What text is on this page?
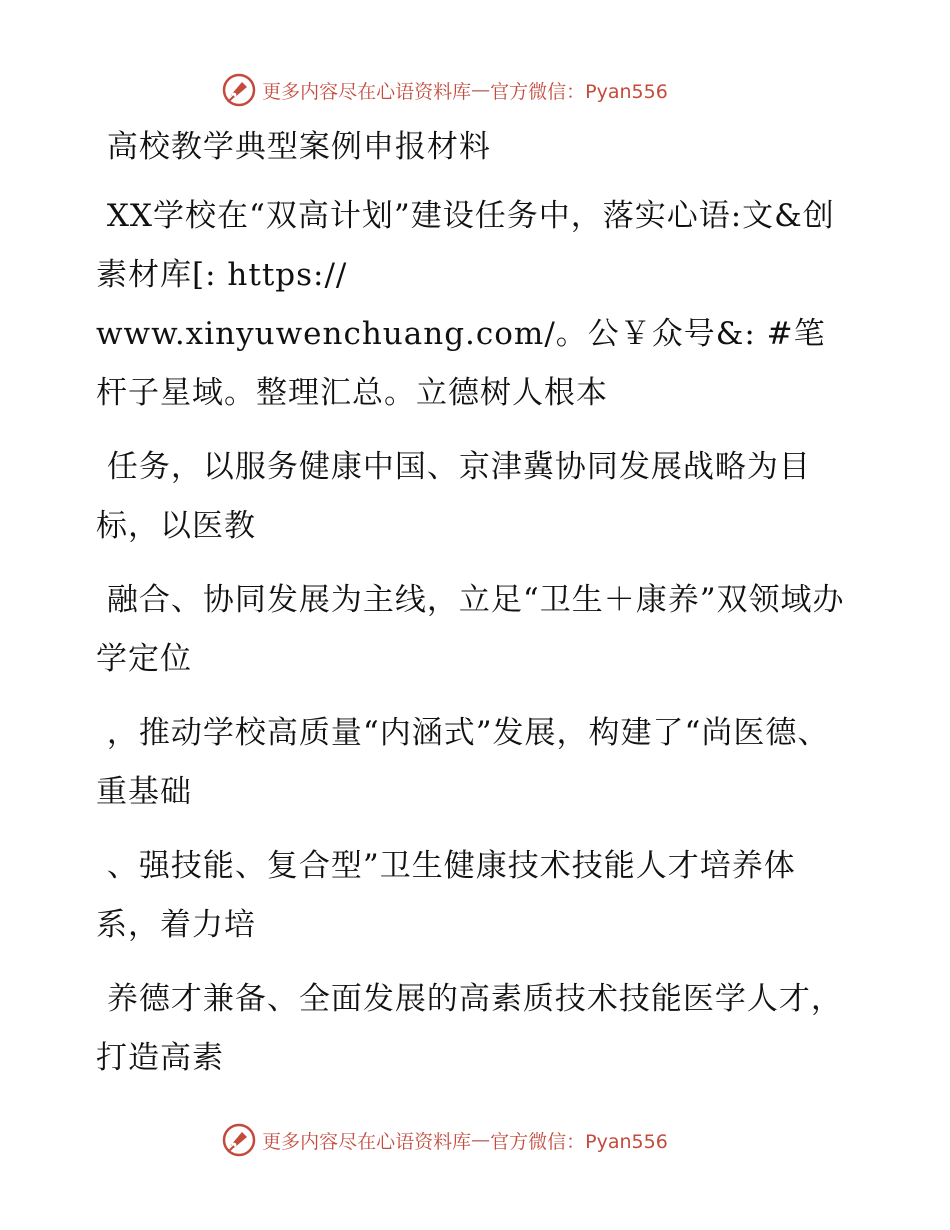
更多内容尽在心语资料库 — 官方微信：Pyan556

高校教学典型案例申报材料

XX学校在“双高计划”建设任务中，落实心语:文&创素材库[: https://
www.xinyuwenchuang.com/。公￥众号&: #笔杆子星域。整理汇总。立德树人根本

任务，以服务健康中国、京津冀协同发展战略为目标，以医教

融合、协同发展为主线，立足“卫生＋康养”双领域办学定位

，推动学校高质量“内涵式”发展，构建了“尚医德、重基础

、强技能、复合型”卫生健康技术技能人才培养体系，着力培

养德才兼备、全面发展的高素质技术技能医学人才，打造高素

更多内容尽在心语资料库 — 官方微信：Pyan556
